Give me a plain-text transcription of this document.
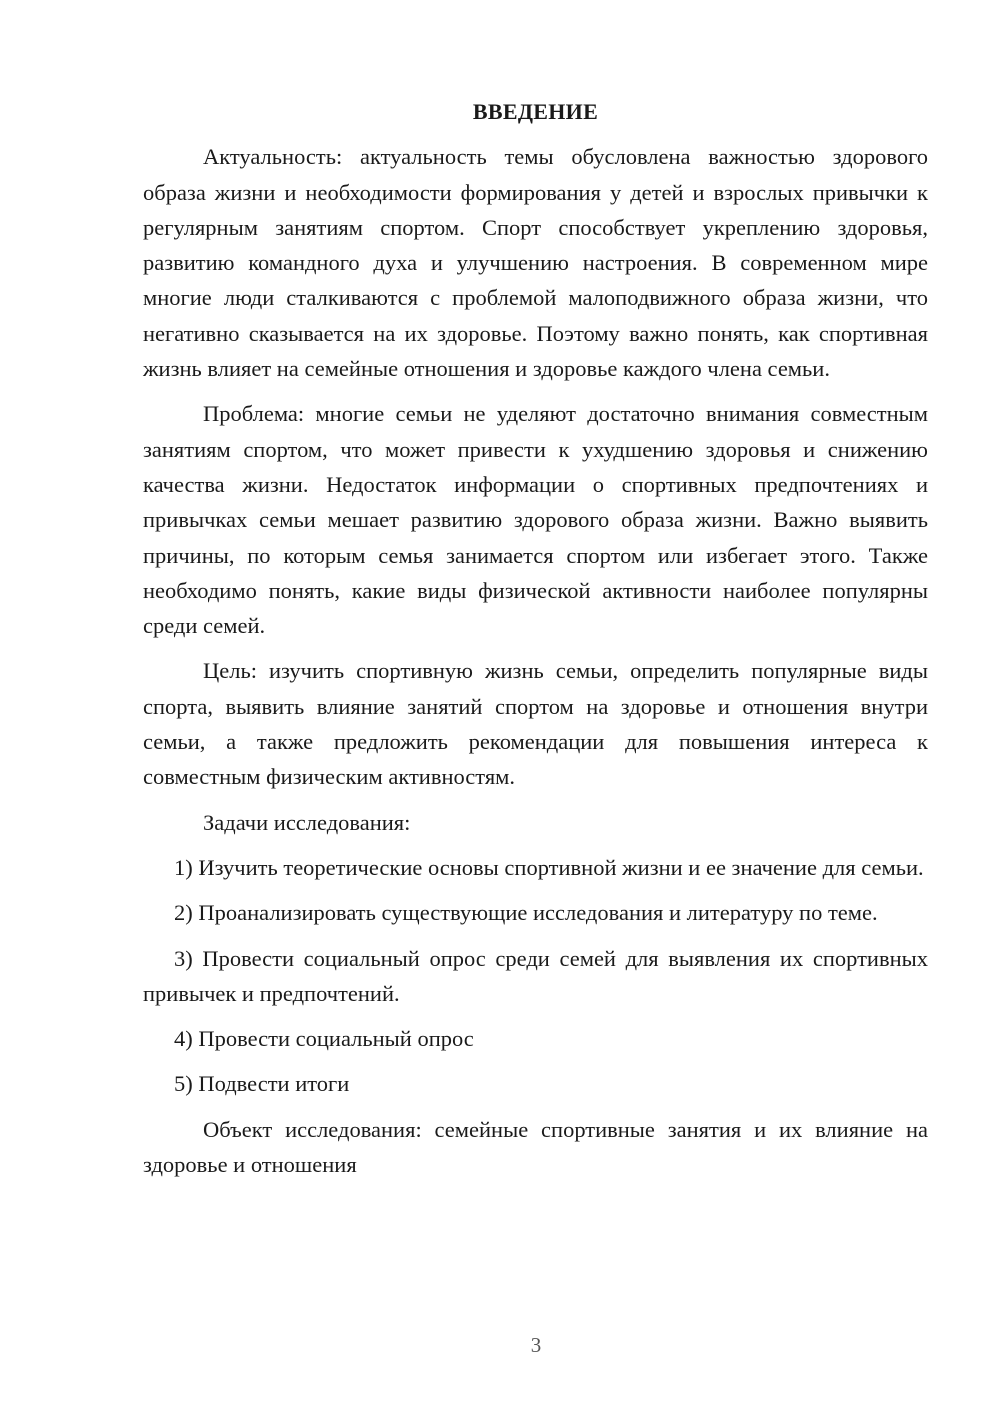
ВВЕДЕНИЕ

Актуальность: актуальность темы обусловлена важностью здорового образа жизни и необходимости формирования у детей и взрослых привычки к регулярным занятиям спортом. Спорт способствует укреплению здоровья, развитию командного духа и улучшению настроения. В современном мире многие люди сталкиваются с проблемой малоподвижного образа жизни, что негативно сказывается на их здоровье. Поэтому важно понять, как спортивная жизнь влияет на семейные отношения и здоровье каждого члена семьи.

Проблема: многие семьи не уделяют достаточно внимания совместным занятиям спортом, что может привести к ухудшению здоровья и снижению качества жизни. Недостаток информации о спортивных предпочтениях и привычках семьи мешает развитию здорового образа жизни. Важно выявить причины, по которым семья занимается спортом или избегает этого. Также необходимо понять, какие виды физической активности наиболее популярны среди семей.

Цель: изучить спортивную жизнь семьи, определить популярные виды спорта, выявить влияние занятий спортом на здоровье и отношения внутри семьи, а также предложить рекомендации для повышения интереса к совместным физическим активностям.

Задачи исследования:

1) Изучить теоретические основы спортивной жизни и ее значение для семьи.

2) Проанализировать существующие исследования и литературу по теме.

3) Провести социальный опрос среди семей для выявления их спортивных привычек и предпочтений.

4) Провести социальный опрос

5) Подвести итоги

Объект исследования: семейные спортивные занятия и их влияние на здоровье и отношения

3
